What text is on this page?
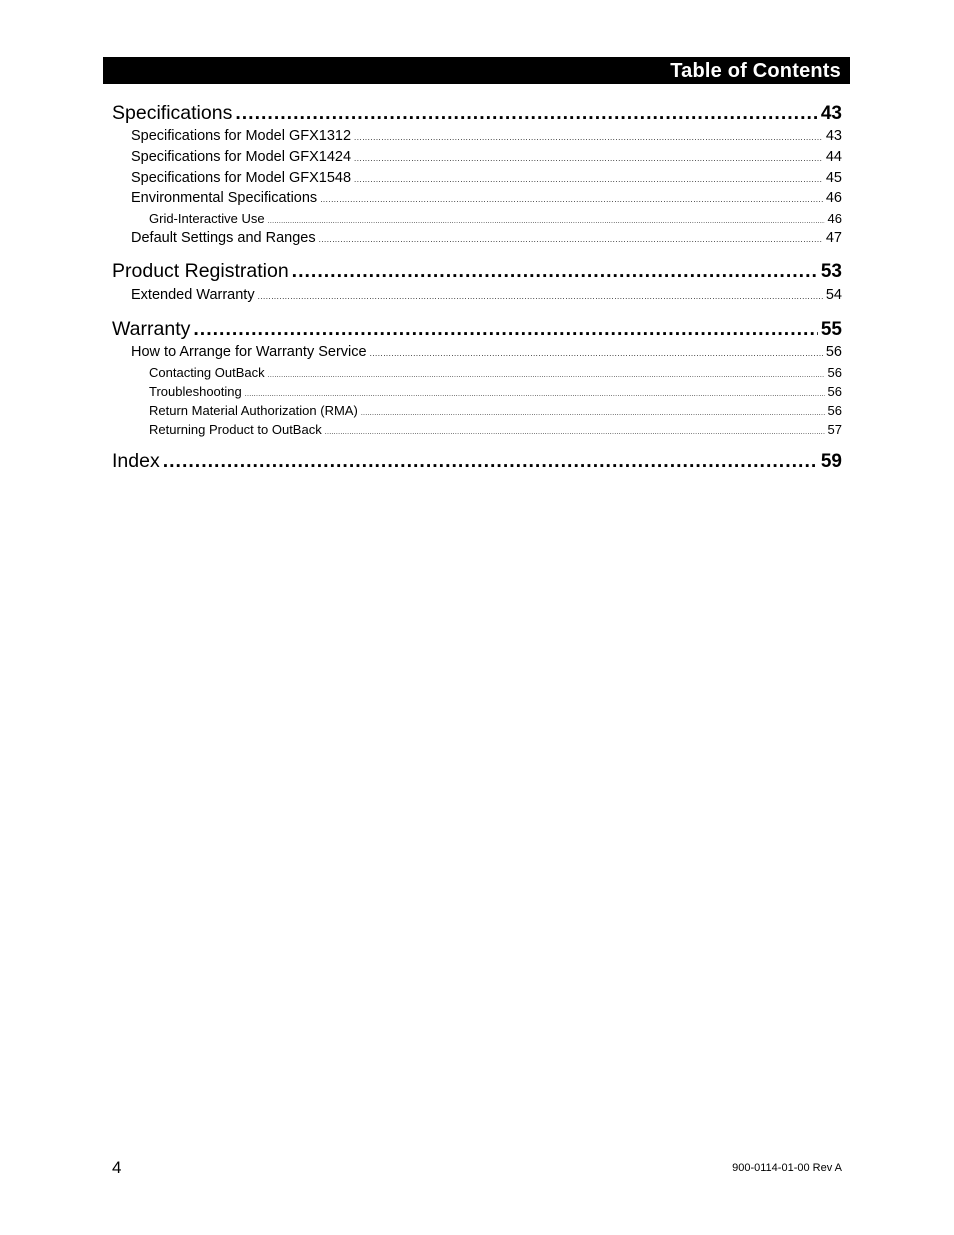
Table of Contents
Specifications .....	43
Specifications for Model GFX1312 .....	43
Specifications for Model GFX1424 .....	44
Specifications for Model GFX1548 .....	45
Environmental Specifications .....	46
Grid-Interactive Use .....	46
Default Settings and Ranges .....	47
Product Registration .....	53
Extended Warranty .....	54
Warranty .....	55
How to Arrange for Warranty Service .....	56
Contacting OutBack .....	56
Troubleshooting .....	56
Return Material Authorization (RMA) .....	56
Returning Product to OutBack .....	57
Index .....	59
4	900-0114-01-00 Rev A
